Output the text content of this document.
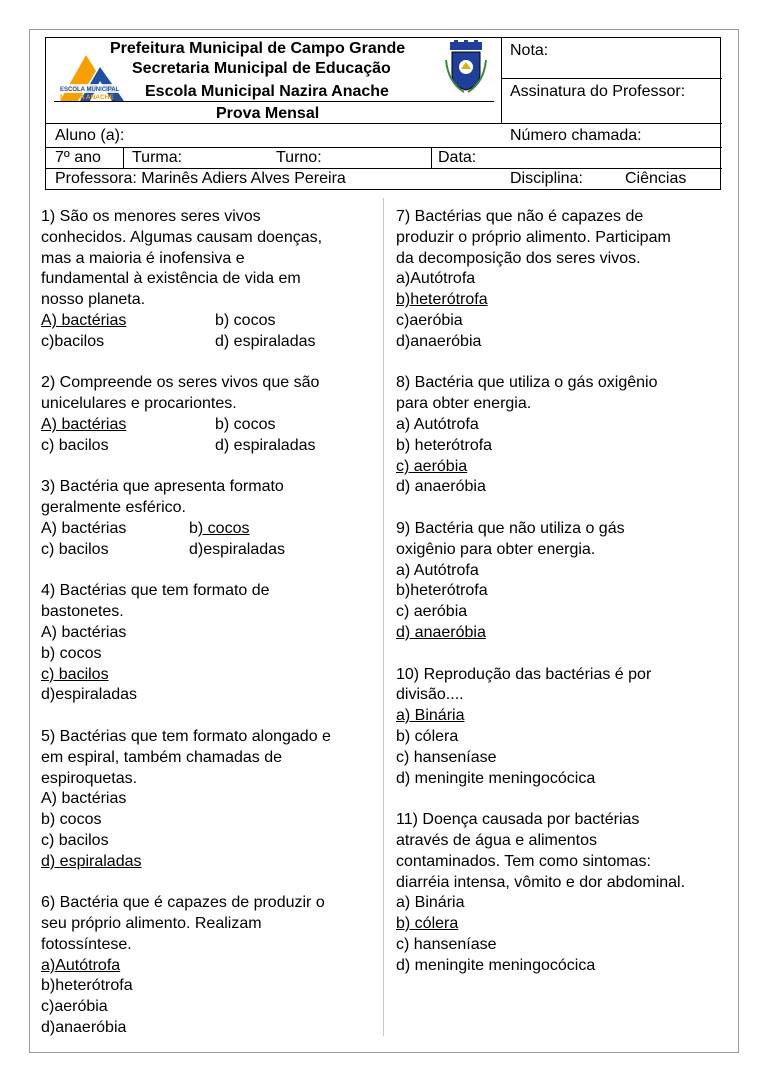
ESCOLA MUNICIPAL
NAZIRA ANACHE
Prefeitura Municipal de Campo Grande
Secretaria Municipal de Educação
Escola Municipal Nazira Anache
Prova Mensal
Nota:
Assinatura do Professor:
Aluno (a):	Número chamada:
7º ano Turma:	Turno:	Data:
Professora: Marinês Adiers Alves Pereira	Disciplina:	Ciências
1) São os menores seres vivos
conhecidos. Algumas causam doenças,
mas a maioria é inofensiva e
fundamental à existência de vida em
nosso planeta.
A) bactérias	b) cocos
c)bacilos	d) espiraladas
2) Compreende os seres vivos que são
unicelulares e procariontes.
A) bactérias	b) cocos
c) bacilos	d) espiraladas
3) Bactéria que apresenta formato
geralmente esférico.
A) bactérias	b) cocos
c) bacilos	d)espiraladas
4) Bactérias que tem formato de
bastonetes.
A) bactérias
b) cocos
c) bacilos
d)espiraladas
5) Bactérias que tem formato alongado e
em espiral, também chamadas de
espiroquetas.
A) bactérias
b) cocos
c) bacilos
d) espiraladas
6) Bactéria que é capazes de produzir o
seu próprio alimento. Realizam
fotossíntese.
a)Autótrofa
b)heterótrofa
c)aeróbia
d)anaeróbia
7) Bactérias que não é capazes de
produzir o próprio alimento. Participam
da decomposição dos seres vivos.
a)Autótrofa
b)heterótrofa
c)aeróbia
d)anaeróbia
8) Bactéria que utiliza o gás oxigênio
para obter energia.
a) Autótrofa
b) heterótrofa
c) aeróbia
d) anaeróbia
9) Bactéria que não utiliza o gás
oxigênio para obter energia.
a) Autótrofa
b)heterótrofa
c) aeróbia
d) anaeróbia
10) Reprodução das bactérias é por
divisão....
a) Binária
b) cólera
c) hanseníase
d) meningite meningocócica
11) Doença causada por bactérias
através de água e alimentos
contaminados. Tem como sintomas:
diarréia intensa, vômito e dor abdominal.
a) Binária
b) cólera
c) hanseníase
d) meningite meningocócica
